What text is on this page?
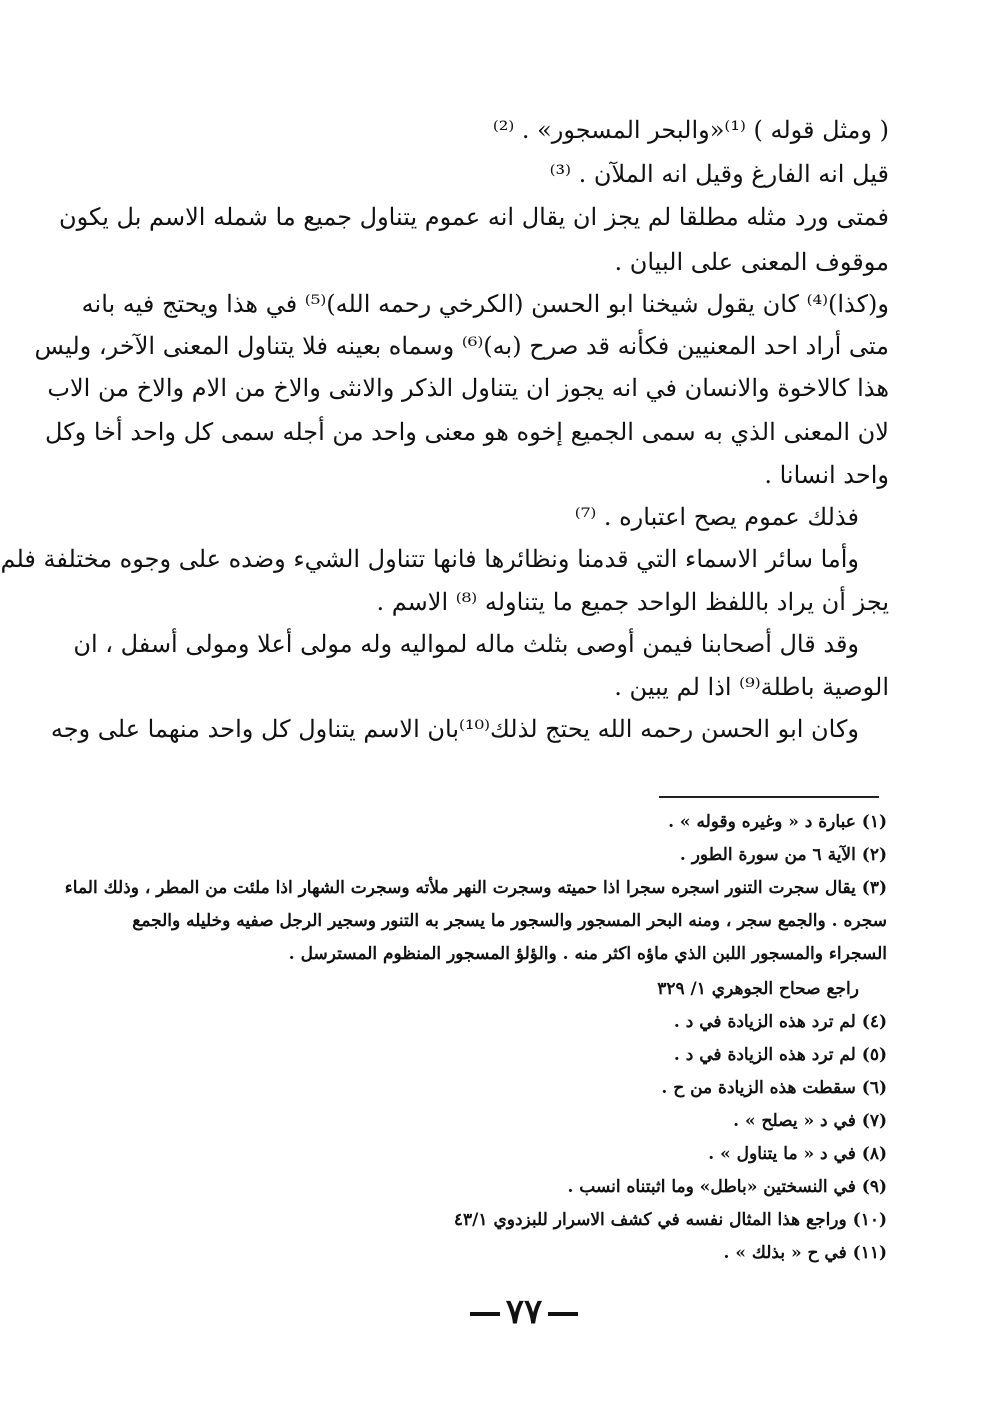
( ومثل قوله ) ⁽¹⁾«والبحر المسجور» . ⁽²⁾
قيل انه الفارغ وقيل انه الملآن . ⁽³⁾
فمتى ورد مثله مطلقا لم يجز ان يقال انه عموم يتناول جميع ما شمله الاسم بل يكون
موقوف المعنى على البيان .
و(كذا)⁽⁴⁾ كان يقول شيخنا ابو الحسن (الكرخي رحمه الله)⁽⁵⁾ في هذا ويحتج فيه بانه
متى أراد احد المعنيين فكأنه قد صرح (به)⁽⁶⁾ وسماه بعينه فلا يتناول المعنى الآخر، وليس
هذا كالاخوة والانسان في انه يجوز ان يتناول الذكر والانثى والاخ من الام والاخ من الاب
لان المعنى الذي به سمى الجميع إخوه هو معنى واحد من أجله سمى كل واحد أخا وكل
واحد انسانا .
فذلك عموم يصح اعتباره . ⁽⁷⁾
وأما سائر الاسماء التي قدمنا ونظائرها فانها تتناول الشيء وضده على وجوه مختلفة فلم
يجز أن يراد باللفظ الواحد جميع ما يتناوله ⁽⁸⁾ الاسم .
وقد قال أصحابنا فيمن أوصى بثلث ماله لمواليه وله مولى أعلا ومولى أسفل ، ان
الوصية باطلة⁽⁹⁾ اذا لم يبين .
وكان ابو الحسن رحمه الله يحتج لذلك⁽¹⁰⁾بان الاسم يتناول كل واحد منهما على وجه
(١) عبارة د « وغيره وقوله » .
(٢) الآية ٦ من سورة الطور .
(٣) يقال سجرت التنور اسجره سجرا اذا حميته وسجرت النهر ملأته وسجرت الشهار اذا ملئت من المطر ، وذلك الماء
سجره . والجمع سجر ، ومنه البحر المسجور والسجور ما يسجر به التنور وسجير الرجل صفيه وخليله والجمع
السجراء والمسجور اللبن الذي ماؤه اكثر منه . والؤلؤ المسجور المنظوم المسترسل .
راجع صحاح الجوهري ١/ ٣٢٩
(٤) لم ترد هذه الزيادة في د .
(٥) لم ترد هذه الزيادة في د .
(٦) سقطت هذه الزيادة من ح .
(٧) في د « يصلح » .
(٨) في د « ما يتناول » .
(٩) في النسختين «باطل» وما اثبتناه انسب .
(١٠) وراجع هذا المثال نفسه في كشف الاسرار للبزدوي ٤٣/١
(١١) في ح « بذلك » .
٧٧
